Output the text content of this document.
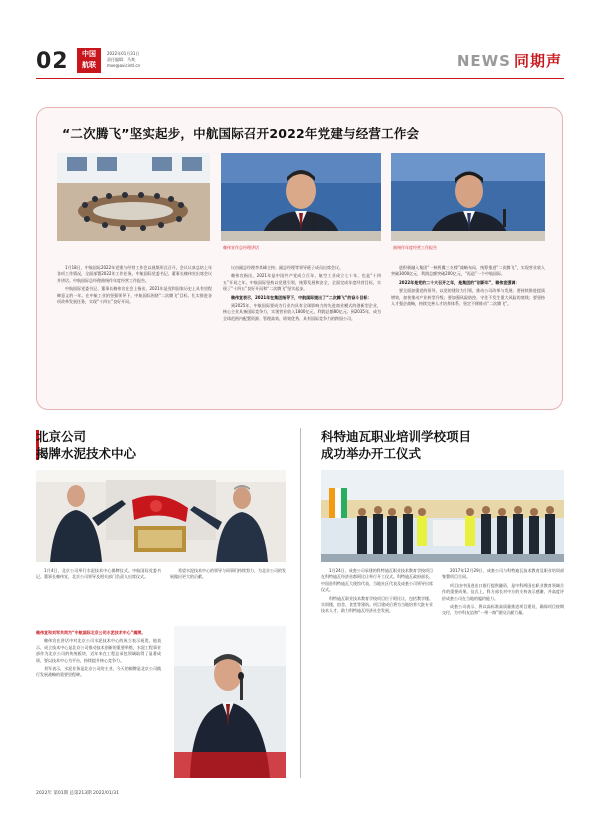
02	中国
航联
2022年01月31日
责任编辑：马爽
mxe@avicintl.cn	NEWS 同期声
“二次腾飞”坚实起步，中航国际召开2022年党建与经营工作会
赖伟宣作总经理讲话	曲锡作年度经营工作报告

1月18日，中航国际2022年党建与经营工作会以视频形式召开。会议认真总结上年各项工作情况，全面部署2022年工作任务。中航国际党委书记、董事长赖伟宣出席会议并讲话。中航国际总经理曲锡作年度经营工作报告。

中航国际党委书记、董事长赖伟宣在会上指出，2021年是党和国家历史上具有里程碑意义的一年。在中航工业的坚强领导下，中航国际围绕“二次腾飞”目标，扎实推进各项改革发展任务，实现“十四五”良好开局。

议由副总经理李其峰主持；副总经理等领导班子成员出席会议。

赖伟宣指出，2021年是中国共产党成立百年、航空工业成立七十年、也是“十四五”开局之年，中航国际坚持以党建引领，统筹发展和安全，全面完成年度经营目标，实现了“十四五”良好开局和“二次腾飞”坚实起步。

赖伟宣表示，2021年在集团指导下，中航国际提出了“二次腾飞”的奋斗目标：

到2025年，中航国际要成为行业内具有全球影响力的先进商业模式的创新型企业，核心主业具备国际竞争力，实现营业收入1800亿元，利润总额80亿元；到2035年，成为全球范围内配置资源、管理高效、绩效优秀、具有国际竞争力的跨国公司。

进积极融入集团“一核两翼三支撑”战略布局，统筹推进“二次腾飞”，实现营业收入突破3000亿元，利润总额突破200亿元，“再造”一个中航国际。

2022年是党的二十大召开之年，是集团的“创新年”，赖伟宣强调：

要全面加强党的领导，以党的建设为引领，推动公司改革与发展；要持续推进提质增效，加快推动产业转型升级；要加强风险防控，守住不发生重大风险的底线；要坚持人才强企战略，持续完善人才培养体系，坚定不移推动“二次腾飞”。

北京公司
揭牌水泥技术中心

1月4日，北京公司举行水泥技术中心揭牌仪式。中航国际党委书记、董事长赖伟宣，北京公司领导及相关部门负责人出席仪式。

希望水泥技术中心的领导与同事们持续努力，为北京公司的发展做出更大的贡献。

赖伟宣和刘军共同为“中航国际北京公司水泥技术中心”揭牌。

赖伟宣在讲话中对北京公司水泥技术中心的成立表示祝贺。他表示，成立技术中心是北京公司推动技术创新的重要举措，水泥工程事业部作为北京公司的传统板块，近年来在工程总承包领域取得了显著成绩，要以技术中心为平台，持续提升核心竞争力。

刘军表示，水泥业务是北京公司的主业，今天的揭牌是北京公司践行发展战略的重要里程碑。

科特迪瓦职业培训学校项目
成功举办开工仪式

1月24日，成套公司承建的科特迪瓦职业技术教育学校项目在科特迪瓦经济首都阿比让举行开工仪式。科特迪瓦政府部长、中国驻科特迪瓦大使馆代表、当地社区代表及成套公司领导出席仪式。

科特迪瓦职业技术教育学校项目位于阿比让，包括教学楼、实训楼、宿舍、食堂等建筑。项目建成后将为当地培养大批专业技术人才，助力科特迪瓦经济社会发展。

2017年12月29日，成套公司与科特迪瓦技术教育及职业培训部签署项目合同。

项目由中国进出口银行提供融资，是中科两国在职业教育领域合作的重要成果。仪式上，科方部长对中方的支持表示感谢，并高度评价成套公司在当地的履约能力。

成套公司表示，将以高标准高质量推进项目建设，确保项目按期交付，为中科友谊和“一带一路”建设贡献力量。

2022年 第01期 总第213期 2022/01/31
